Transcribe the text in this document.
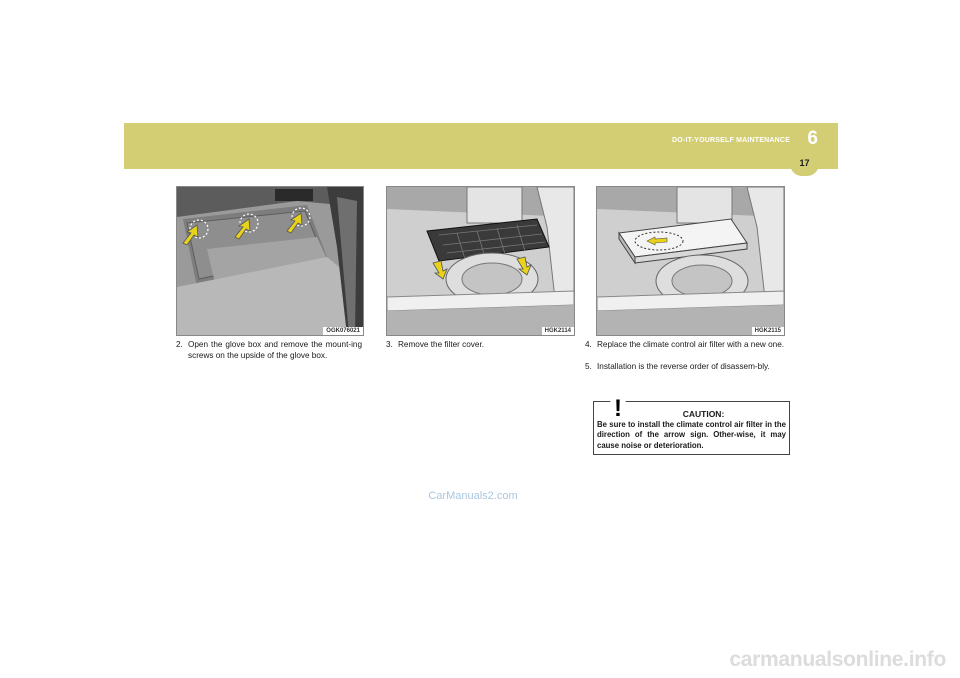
DO-IT-YOURSELF MAINTENANCE 6
17
OGK076021	HGK2114	HGK2115
2. Open the glove box and remove the mount-ing screws on the upside of the glove box.
3. Remove the filter cover.	4. Replace the climate control air filter with a new one.
5. Installation is the reverse order of disassem-bly.
!	CAUTION:
Be sure to install the climate control air filter in the direction of the arrow sign. Other-wise, it may cause noise or deterioration.
CarManuals2.com
carmanualsonline.info
